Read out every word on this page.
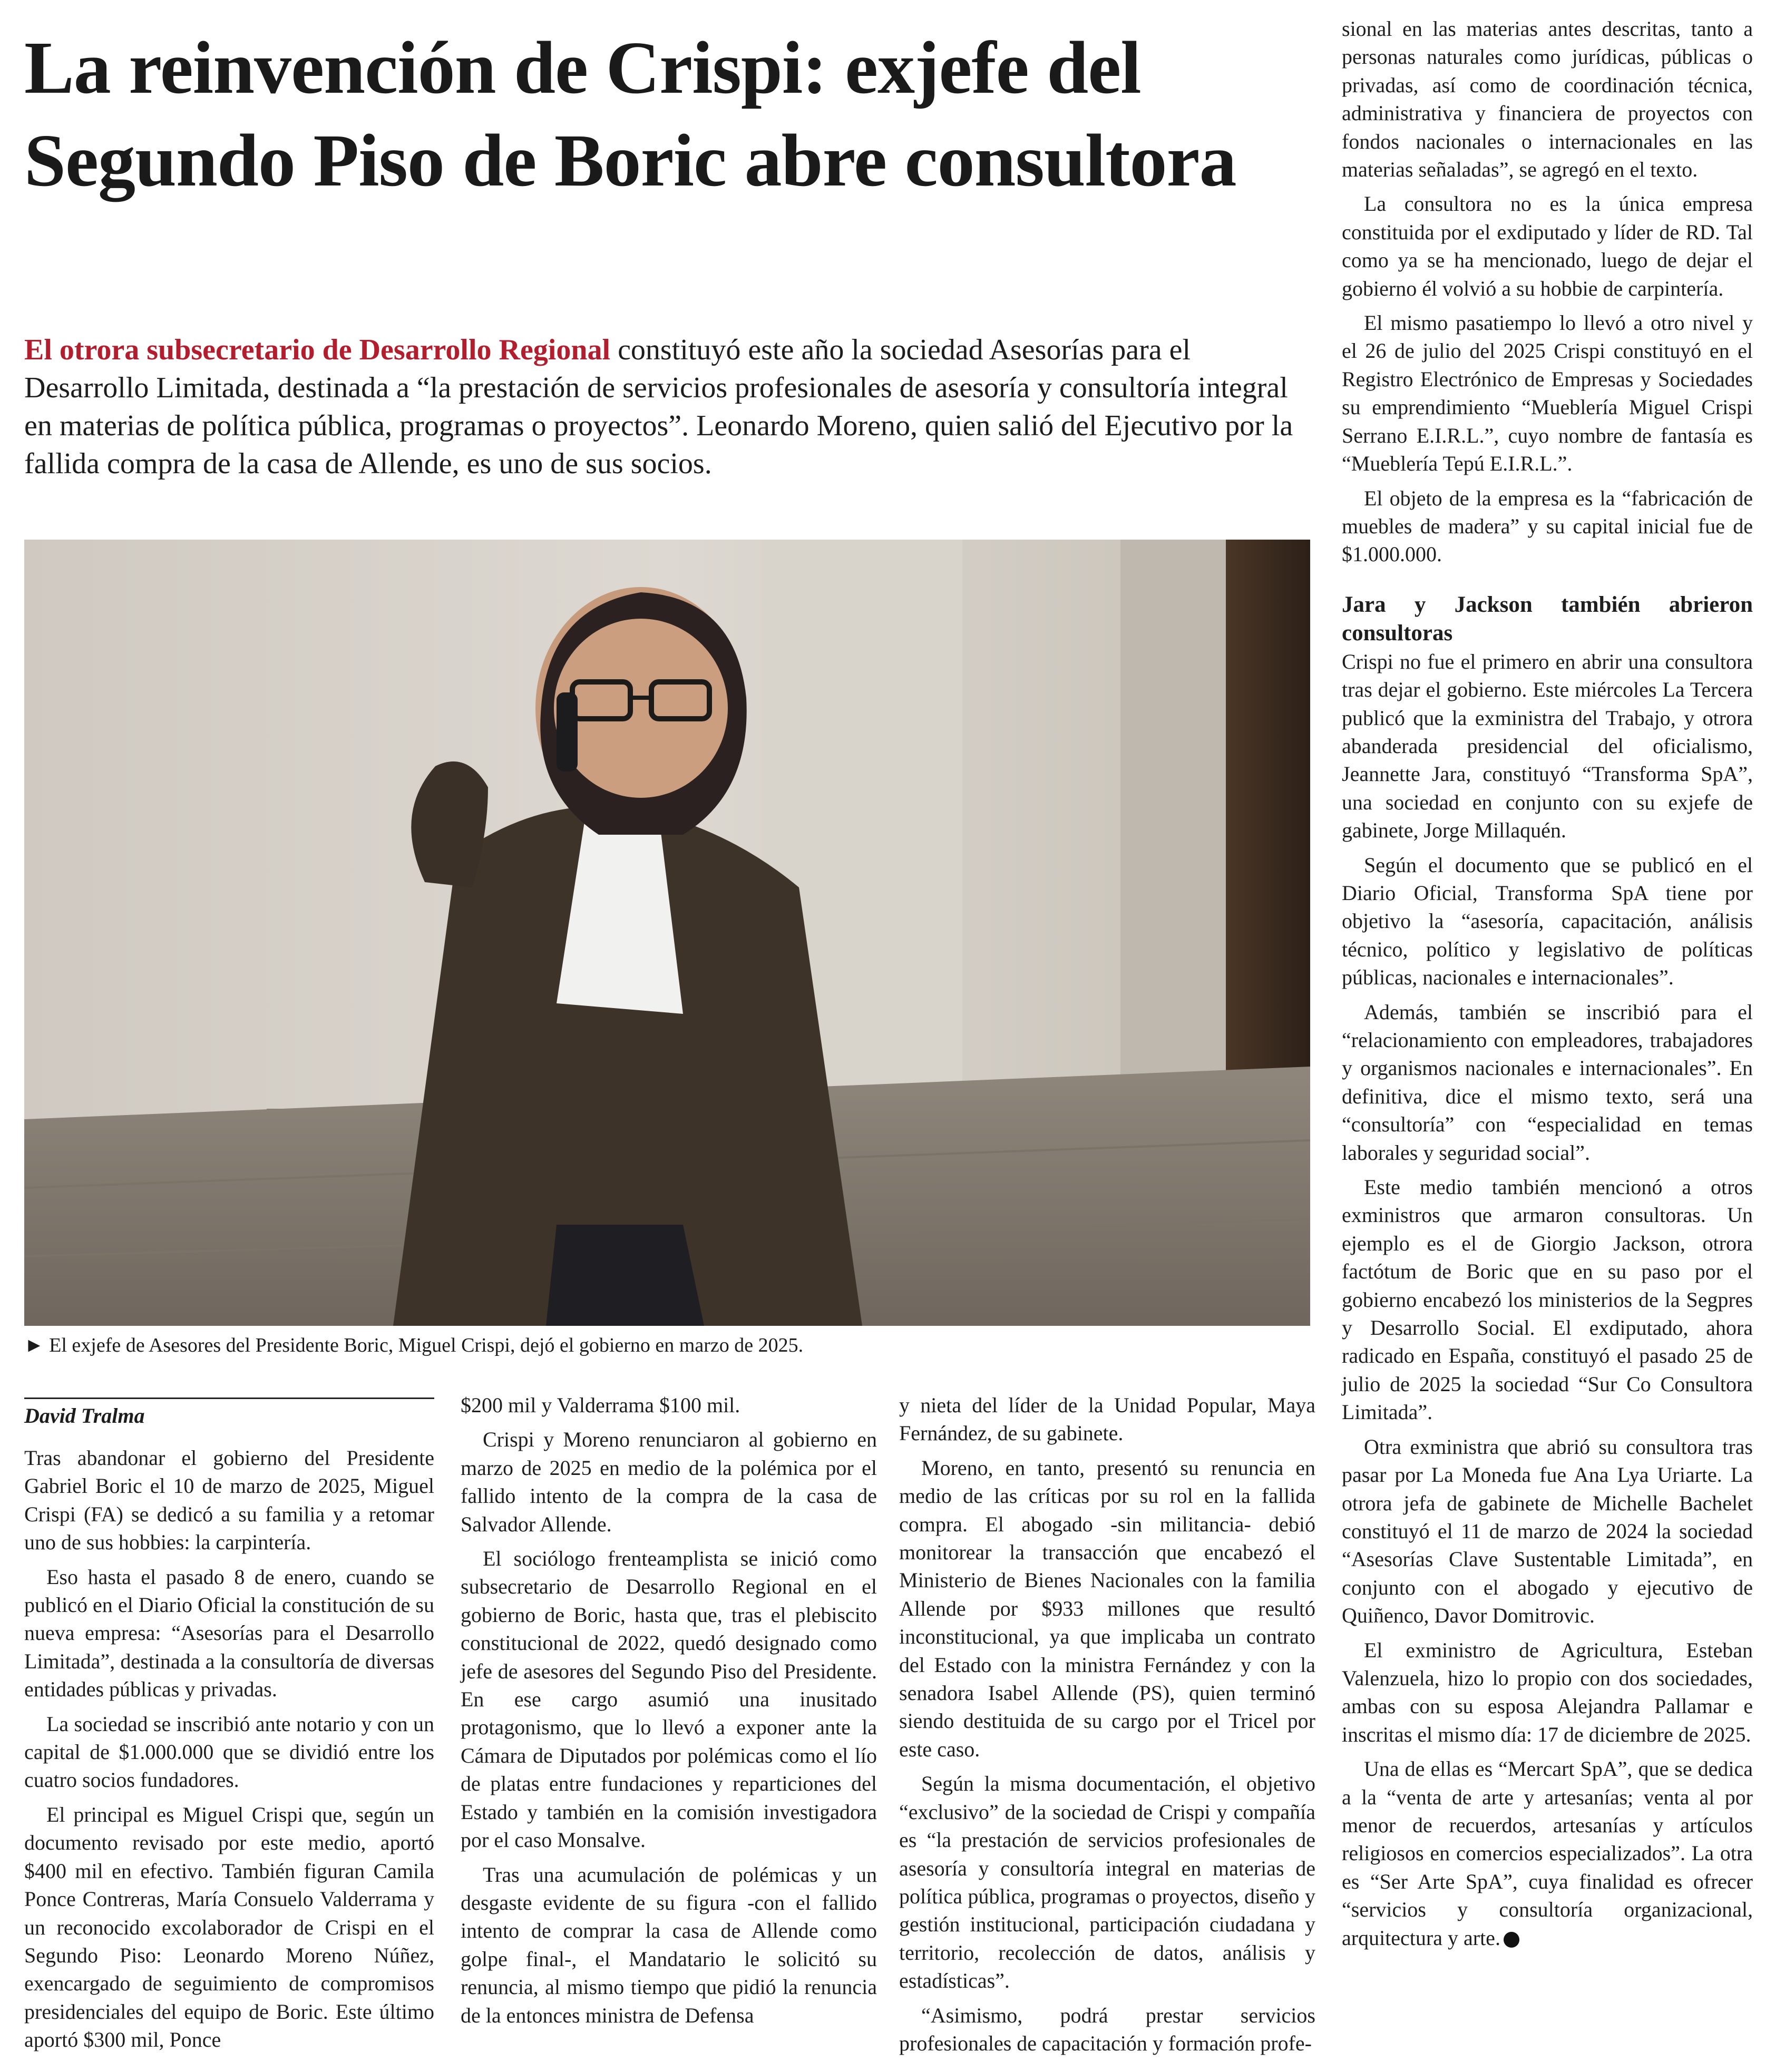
La reinvención de Crispi: exjefe del Segundo Piso de Boric abre consultora

El otrora subsecretario de Desarrollo Regional constituyó este año la sociedad Asesorías para el Desarrollo Limitada, destinada a “la prestación de servicios profesionales de asesoría y consultoría integral en materias de política pública, programas o proyectos”. Leonardo Moreno, quien salió del Ejecutivo por la fallida compra de la casa de Allende, es uno de sus socios.

► El exjefe de Asesores del Presidente Boric, Miguel Crispi, dejó el gobierno en marzo de 2025.

David Tralma

Tras abandonar el gobierno del Presidente Gabriel Boric el 10 de marzo de 2025, Miguel Crispi (FA) se dedicó a su familia y a retomar uno de sus hobbies: la carpintería.

Eso hasta el pasado 8 de enero, cuando se publicó en el Diario Oficial la constitución de su nueva empresa: “Asesorías para el Desarrollo Limitada”, destinada a la consultoría de diversas entidades públicas y privadas.

La sociedad se inscribió ante notario y con un capital de $1.000.000 que se dividió entre los cuatro socios fundadores.

El principal es Miguel Crispi que, según un documento revisado por este medio, aportó $400 mil en efectivo. También figuran Camila Ponce Contreras, María Consuelo Valderrama y un reconocido excolaborador de Crispi en el Segundo Piso: Leonardo Moreno Núñez, exencargado de seguimiento de compromisos presidenciales del equipo de Boric. Este último aportó $300 mil, Ponce

$200 mil y Valderrama $100 mil.

Crispi y Moreno renunciaron al gobierno en marzo de 2025 en medio de la polémica por el fallido intento de la compra de la casa de Salvador Allende.

El sociólogo frenteamplista se inició como subsecretario de Desarrollo Regional en el gobierno de Boric, hasta que, tras el plebiscito constitucional de 2022, quedó designado como jefe de asesores del Segundo Piso del Presidente. En ese cargo asumió una inusitado protagonismo, que lo llevó a exponer ante la Cámara de Diputados por polémicas como el lío de platas entre fundaciones y reparticiones del Estado y también en la comisión investigadora por el caso Monsalve.

Tras una acumulación de polémicas y un desgaste evidente de su figura -con el fallido intento de comprar la casa de Allende como golpe final-, el Mandatario le solicitó su renuncia, al mismo tiempo que pidió la renuncia de la entonces ministra de Defensa

y nieta del líder de la Unidad Popular, Maya Fernández, de su gabinete.

Moreno, en tanto, presentó su renuncia en medio de las críticas por su rol en la fallida compra. El abogado -sin militancia- debió monitorear la transacción que encabezó el Ministerio de Bienes Nacionales con la familia Allende por $933 millones que resultó inconstitucional, ya que implicaba un contrato del Estado con la ministra Fernández y con la senadora Isabel Allende (PS), quien terminó siendo destituida de su cargo por el Tricel por este caso.

Según la misma documentación, el objetivo “exclusivo” de la sociedad de Crispi y compañía es “la prestación de servicios profesionales de asesoría y consultoría integral en materias de política pública, programas o proyectos, diseño y gestión institucional, participación ciudadana y territorio, recolección de datos, análisis y estadísticas”.

“Asimismo, podrá prestar servicios profesionales de capacitación y formación profe-

sional en las materias antes descritas, tanto a personas naturales como jurídicas, públicas o privadas, así como de coordinación técnica, administrativa y financiera de proyectos con fondos nacionales o internacionales en las materias señaladas”, se agregó en el texto.

La consultora no es la única empresa constituida por el exdiputado y líder de RD. Tal como ya se ha mencionado, luego de dejar el gobierno él volvió a su hobbie de carpintería.

El mismo pasatiempo lo llevó a otro nivel y el 26 de julio del 2025 Crispi constituyó en el Registro Electrónico de Empresas y Sociedades su emprendimiento “Mueblería Miguel Crispi Serrano E.I.R.L.”, cuyo nombre de fantasía es “Mueblería Tepú E.I.R.L.”.

El objeto de la empresa es la “fabricación de muebles de madera” y su capital inicial fue de $1.000.000.

Jara y Jackson también abrieron consultoras

Crispi no fue el primero en abrir una consultora tras dejar el gobierno. Este miércoles La Tercera publicó que la exministra del Trabajo, y otrora abanderada presidencial del oficialismo, Jeannette Jara, constituyó “Transforma SpA”, una sociedad en conjunto con su exjefe de gabinete, Jorge Millaquén.

Según el documento que se publicó en el Diario Oficial, Transforma SpA tiene por objetivo la “asesoría, capacitación, análisis técnico, político y legislativo de políticas públicas, nacionales e internacionales”.

Además, también se inscribió para el “relacionamiento con empleadores, trabajadores y organismos nacionales e internacionales”. En definitiva, dice el mismo texto, será una “consultoría” con “especialidad en temas laborales y seguridad social”.

Este medio también mencionó a otros exministros que armaron consultoras. Un ejemplo es el de Giorgio Jackson, otrora factótum de Boric que en su paso por el gobierno encabezó los ministerios de la Segpres y Desarrollo Social. El exdiputado, ahora radicado en España, constituyó el pasado 25 de julio de 2025 la sociedad “Sur Co Consultora Limitada”.

Otra exministra que abrió su consultora tras pasar por La Moneda fue Ana Lya Uriarte. La otrora jefa de gabinete de Michelle Bachelet constituyó el 11 de marzo de 2024 la sociedad “Asesorías Clave Sustentable Limitada”, en conjunto con el abogado y ejecutivo de Quiñenco, Davor Domitrovic.

El exministro de Agricultura, Esteban Valenzuela, hizo lo propio con dos sociedades, ambas con su esposa Alejandra Pallamar e inscritas el mismo día: 17 de diciembre de 2025.

Una de ellas es “Mercart SpA”, que se dedica a la “venta de arte y artesanías; venta al por menor de recuerdos, artesanías y artículos religiosos en comercios especializados”. La otra es “Ser Arte SpA”, cuya finalidad es ofrecer “servicios y consultoría organizacional, arquitectura y arte.
